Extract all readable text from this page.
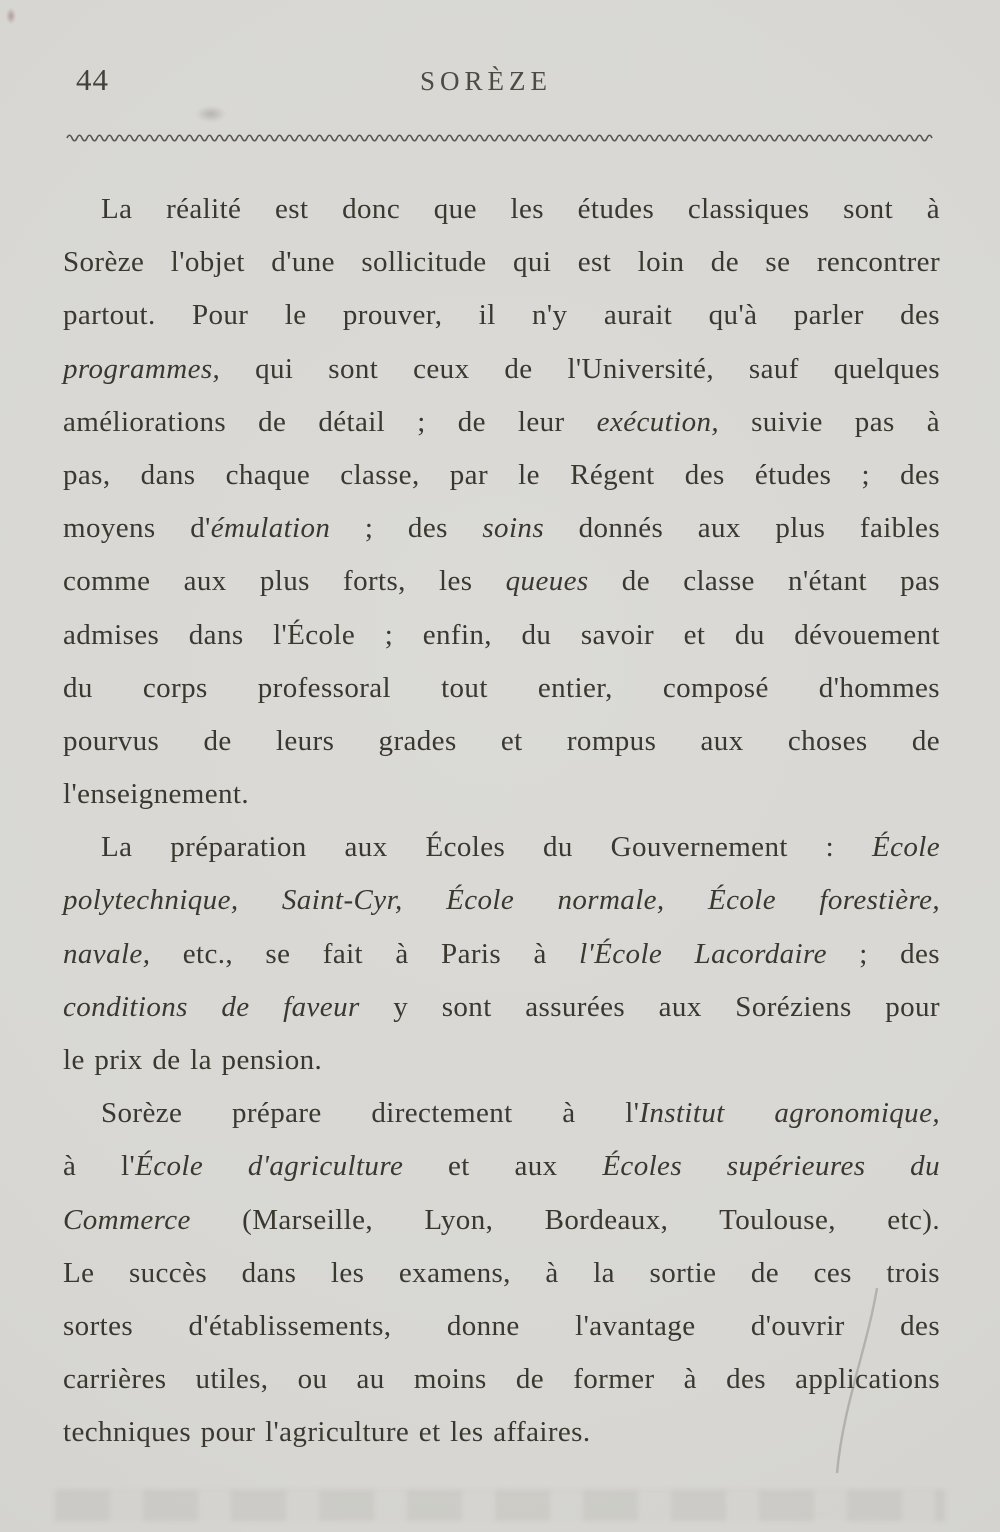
44	SORÈZE
La réalité est donc que les études classiques sont à
Sorèze l'objet d'une sollicitude qui est loin de se rencontrer
partout. Pour le prouver, il n'y aurait qu'à parler des
programmes, qui sont ceux de l'Université, sauf quelques
améliorations de détail ; de leur exécution, suivie pas à
pas, dans chaque classe, par le Régent des études ; des
moyens d'émulation ; des soins donnés aux plus faibles
comme aux plus forts, les queues de classe n'étant pas
admises dans l'École ; enfin, du savoir et du dévouement
du corps professoral tout entier, composé d'hommes
pourvus de leurs grades et rompus aux choses de
l'enseignement.
La préparation aux Écoles du Gouvernement : École
polytechnique, Saint-Cyr, École normale, École forestière,
navale, etc., se fait à Paris à l'École Lacordaire ; des
conditions de faveur y sont assurées aux Soréziens pour
le prix de la pension.
Sorèze prépare directement à l'Institut agronomique,
à l'École d'agriculture et aux Écoles supérieures du
Commerce (Marseille, Lyon, Bordeaux, Toulouse, etc).
Le succès dans les examens, à la sortie de ces trois
sortes d'établissements, donne l'avantage d'ouvrir des
carrières utiles, ou au moins de former à des applications
techniques pour l'agriculture et les affaires.
